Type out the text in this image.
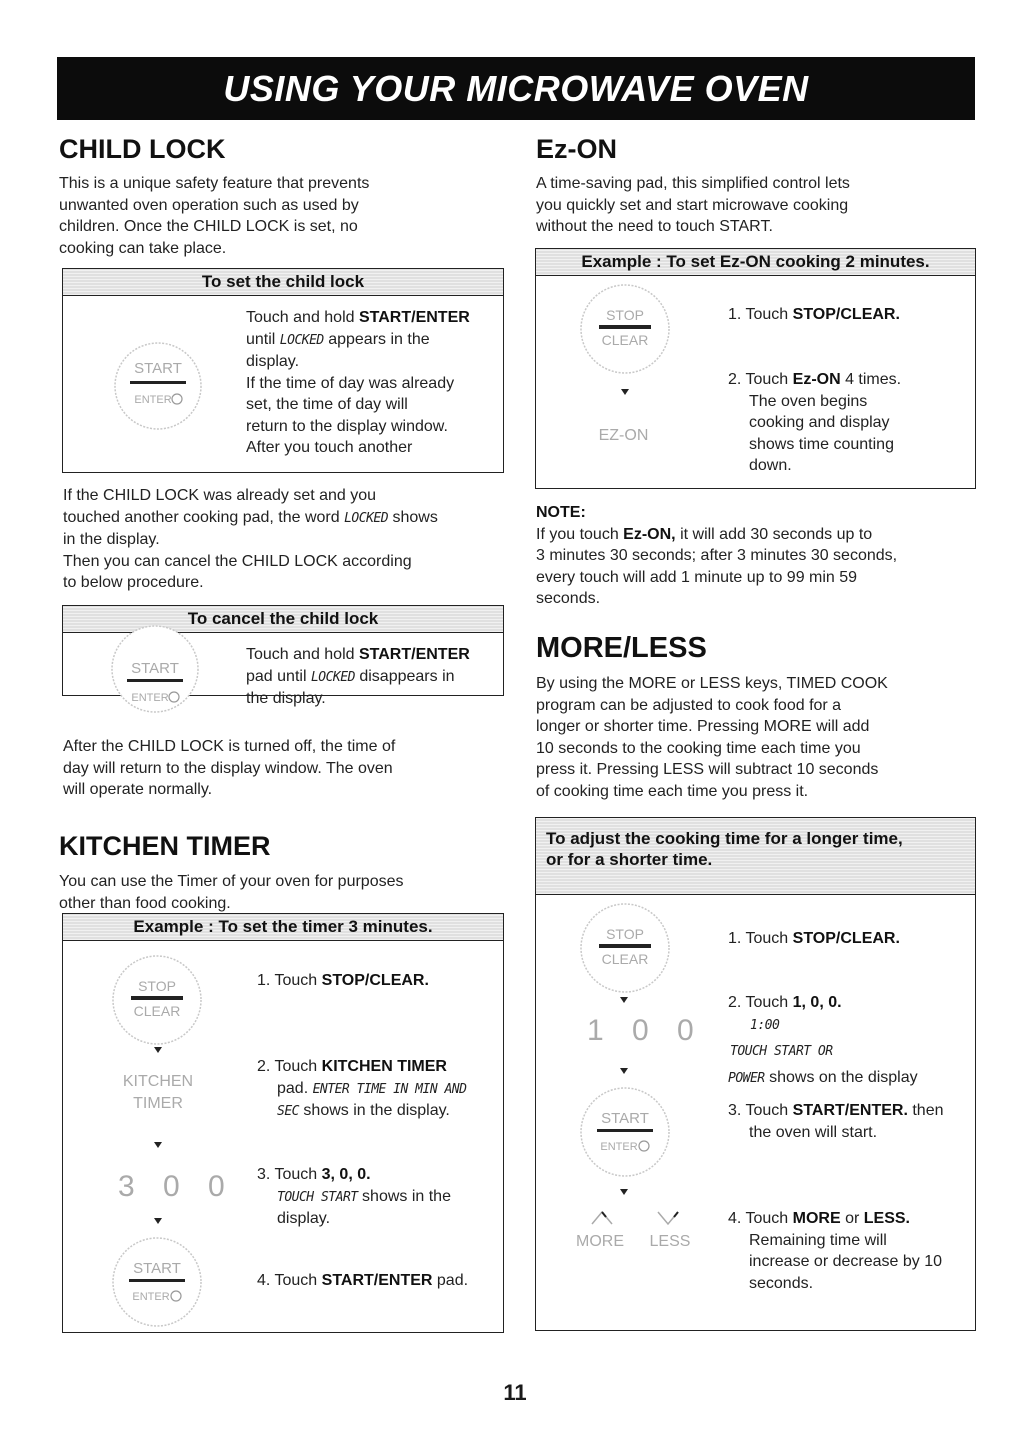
USING YOUR MICROWAVE OVEN
CHILD LOCK
This is a unique safety feature that prevents
unwanted oven operation such as used by
children. Once the CHILD LOCK is set, no
cooking can take place.
To set the child lock
START
ENTER
Touch and hold START/ENTER
until LOCKED appears in the
display.
If the time of day was already
set, the time of day will
return to the display window.
After you touch another
If the CHILD LOCK was already set and you
touched another cooking pad, the word LOCKED shows
in the display.
Then you can cancel the CHILD LOCK according
to below procedure.
To cancel the child lock
START
ENTER
Touch and hold START/ENTER
pad until LOCKED disappears in
the display.
After the CHILD LOCK is turned off, the time of
day will return to the display window. The oven
will operate normally.
KITCHEN TIMER
You can use the Timer of your oven for purposes
other than food cooking.
Example : To set the timer 3 minutes.
STOP
CLEAR
KITCHEN
TIMER
3 0 0
START
ENTER
1. Touch STOP/CLEAR.
2. Touch KITCHEN TIMER
pad. ENTER TIME IN MIN AND
SEC shows in the display.
3. Touch 3, 0, 0.
TOUCH START shows in the
display.
4. Touch START/ENTER pad.
Ez-ON
A time-saving pad, this simplified control lets
you quickly set and start microwave cooking
without the need to touch START.
Example : To set Ez-ON cooking 2 minutes.
STOP
CLEAR
EZ-ON
1. Touch STOP/CLEAR.
2. Touch Ez-ON 4 times.
The oven begins
cooking and display
shows time counting
down.
NOTE:
If you touch Ez-ON, it will add 30 seconds up to
3 minutes 30 seconds; after 3 minutes 30 seconds,
every touch will add 1 minute up to 99 min 59
seconds.
MORE/LESS
By using the MORE or LESS keys, TIMED COOK
program can be adjusted to cook food for a
longer or shorter time. Pressing MORE will add
10 seconds to the cooking time each time you
press it. Pressing LESS will subtract 10 seconds
of cooking time each time you press it.
To adjust the cooking time for a longer time,
or for a shorter time.
STOP
CLEAR
1 0 0
START
ENTER
MORE LESS
1. Touch STOP/CLEAR.
2. Touch 1, 0, 0.
1:00
TOUCH START OR
POWER shows on the display
3. Touch START/ENTER. then
the oven will start.
4. Touch MORE or LESS.
Remaining time will
increase or decrease by 10
seconds.
11
